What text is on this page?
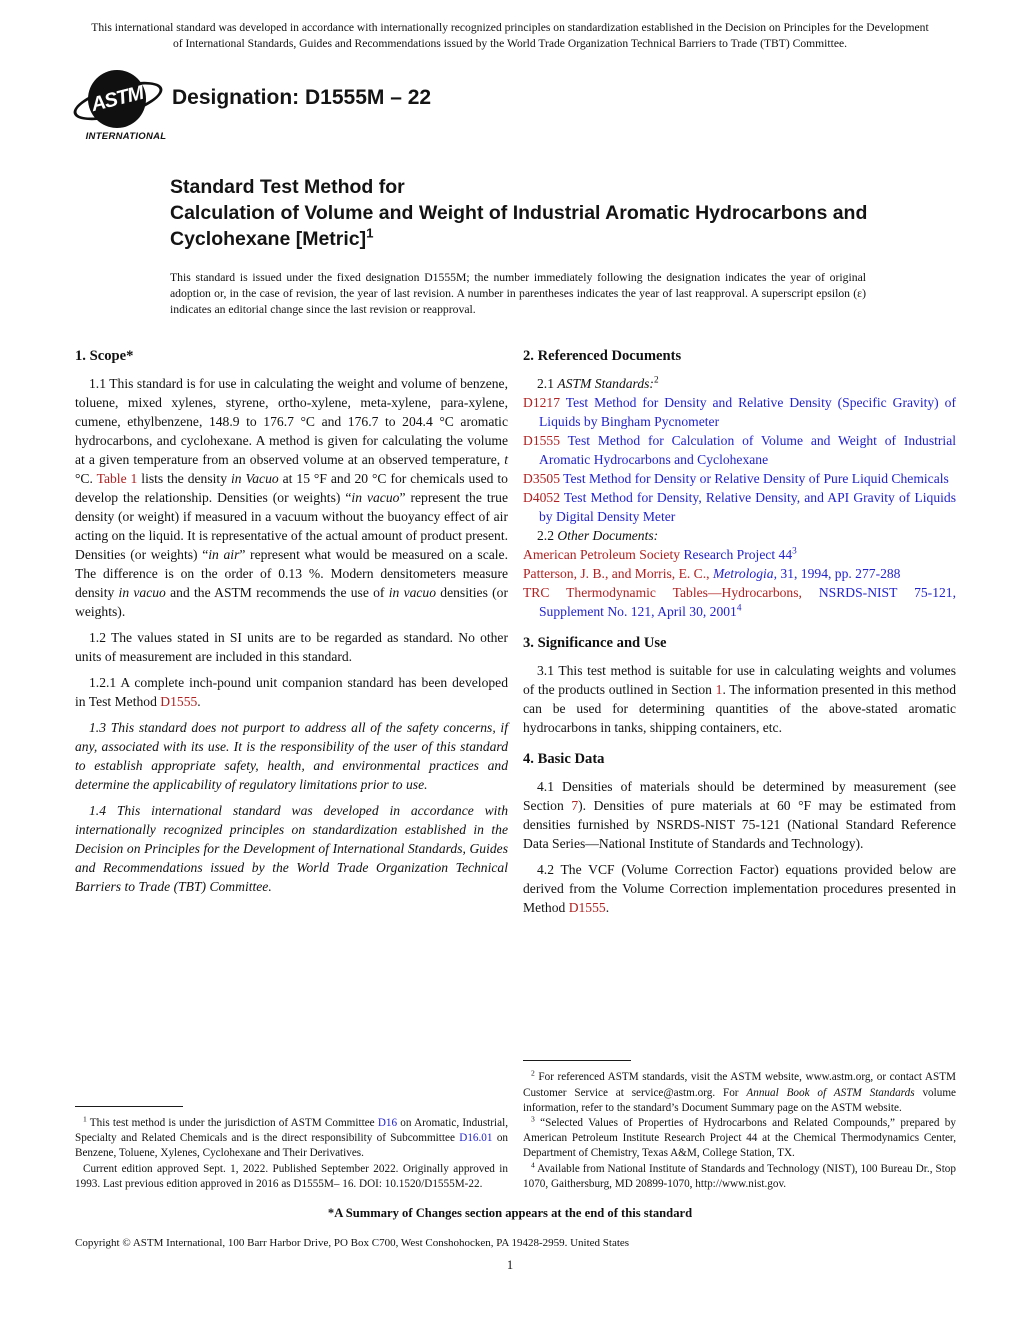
This international standard was developed in accordance with internationally recognized principles on standardization established in the Decision on Principles for the Development of International Standards, Guides and Recommendations issued by the World Trade Organization Technical Barriers to Trade (TBT) Committee.
ASTM
INTERNATIONAL
Designation: D1555M – 22
Standard Test Method for
Calculation of Volume and Weight of Industrial Aromatic Hydrocarbons and Cyclohexane [Metric]$^1$
This standard is issued under the fixed designation D1555M; the number immediately following the designation indicates the year of original adoption or, in the case of revision, the year of last revision. A number in parentheses indicates the year of last reapproval. A superscript epsilon (ε) indicates an editorial change since the last revision or reapproval.
1. Scope*

1.1 This standard is for use in calculating the weight and volume of benzene, toluene, mixed xylenes, styrene, ortho-xylene, meta-xylene, para-xylene, cumene, ethylbenzene, 148.9 to 176.7 °C and 176.7 to 204.4 °C aromatic hydrocarbons, and cyclohexane. A method is given for calculating the volume at a given temperature from an observed volume at an observed temperature, t °C. Table 1 lists the density in Vacuo at 15 °F and 20 °C for chemicals used to develop the relationship. Densities (or weights) “in vacuo” represent the true density (or weight) if measured in a vacuum without the buoyancy effect of air acting on the liquid. It is representative of the actual amount of product present. Densities (or weights) “in air” represent what would be measured on a scale. The difference is on the order of 0.13 %. Modern densitometers measure density in vacuo and the ASTM recommends the use of in vacuo densities (or weights).

1.2 The values stated in SI units are to be regarded as standard. No other units of measurement are included in this standard.

1.2.1 A complete inch-pound unit companion standard has been developed in Test Method D1555.

1.3 This standard does not purport to address all of the safety concerns, if any, associated with its use. It is the responsibility of the user of this standard to establish appropriate safety, health, and environmental practices and determine the applicability of regulatory limitations prior to use.

1.4 This international standard was developed in accordance with internationally recognized principles on standardization established in the Decision on Principles for the Development of International Standards, Guides and Recommendations issued by the World Trade Organization Technical Barriers to Trade (TBT) Committee.

$^1$ This test method is under the jurisdiction of ASTM Committee D16 on Aromatic, Industrial, Specialty and Related Chemicals and is the direct responsibility of Subcommittee D16.01 on Benzene, Toluene, Xylenes, Cyclohexane and Their Derivatives.

Current edition approved Sept. 1, 2022. Published September 2022. Originally approved in 1993. Last previous edition approved in 2016 as D1555M– 16. DOI: 10.1520/D1555M-22.

2. Referenced Documents

2.1 ASTM Standards:$^2$

D1217 Test Method for Density and Relative Density (Specific Gravity) of Liquids by Bingham Pycnometer

D1555 Test Method for Calculation of Volume and Weight of Industrial Aromatic Hydrocarbons and Cyclohexane

D3505 Test Method for Density or Relative Density of Pure Liquid Chemicals

D4052 Test Method for Density, Relative Density, and API Gravity of Liquids by Digital Density Meter

2.2 Other Documents:

American Petroleum Society Research Project $44^3$

Patterson, J. B., and Morris, E. C., Metrologia, 31, 1994, pp. 277-288

TRC Thermodynamic Tables—Hydrocarbons, NSRDS-NIST 75-121, Supplement No. 121, April 30, 2001$^4$

3. Significance and Use

3.1 This test method is suitable for use in calculating weights and volumes of the products outlined in Section 1. The information presented in this method can be used for determining quantities of the above-stated aromatic hydrocarbons in tanks, shipping containers, etc.

4. Basic Data

4.1 Densities of materials should be determined by measurement (see Section 7). Densities of pure materials at 60 °F may be estimated from densities furnished by NSRDS-NIST 75-121 (National Standard Reference Data Series—National Institute of Standards and Technology).

4.2 The VCF (Volume Correction Factor) equations provided below are derived from the Volume Correction implementation procedures presented in Method D1555.

$^2$ For referenced ASTM standards, visit the ASTM website, www.astm.org, or contact ASTM Customer Service at service@astm.org. For Annual Book of ASTM Standards volume information, refer to the standard’s Document Summary page on the ASTM website.

$^3$ “Selected Values of Properties of Hydrocarbons and Related Compounds,” prepared by American Petroleum Institute Research Project 44 at the Chemical Thermodynamics Center, Department of Chemistry, Texas A&M, College Station, TX.

$^4$ Available from National Institute of Standards and Technology (NIST), 100 Bureau Dr., Stop 1070, Gaithersburg, MD 20899-1070, http://www.nist.gov.

*A Summary of Changes section appears at the end of this standard
Copyright © ASTM International, 100 Barr Harbor Drive, PO Box C700, West Conshohocken, PA 19428-2959. United States
1
